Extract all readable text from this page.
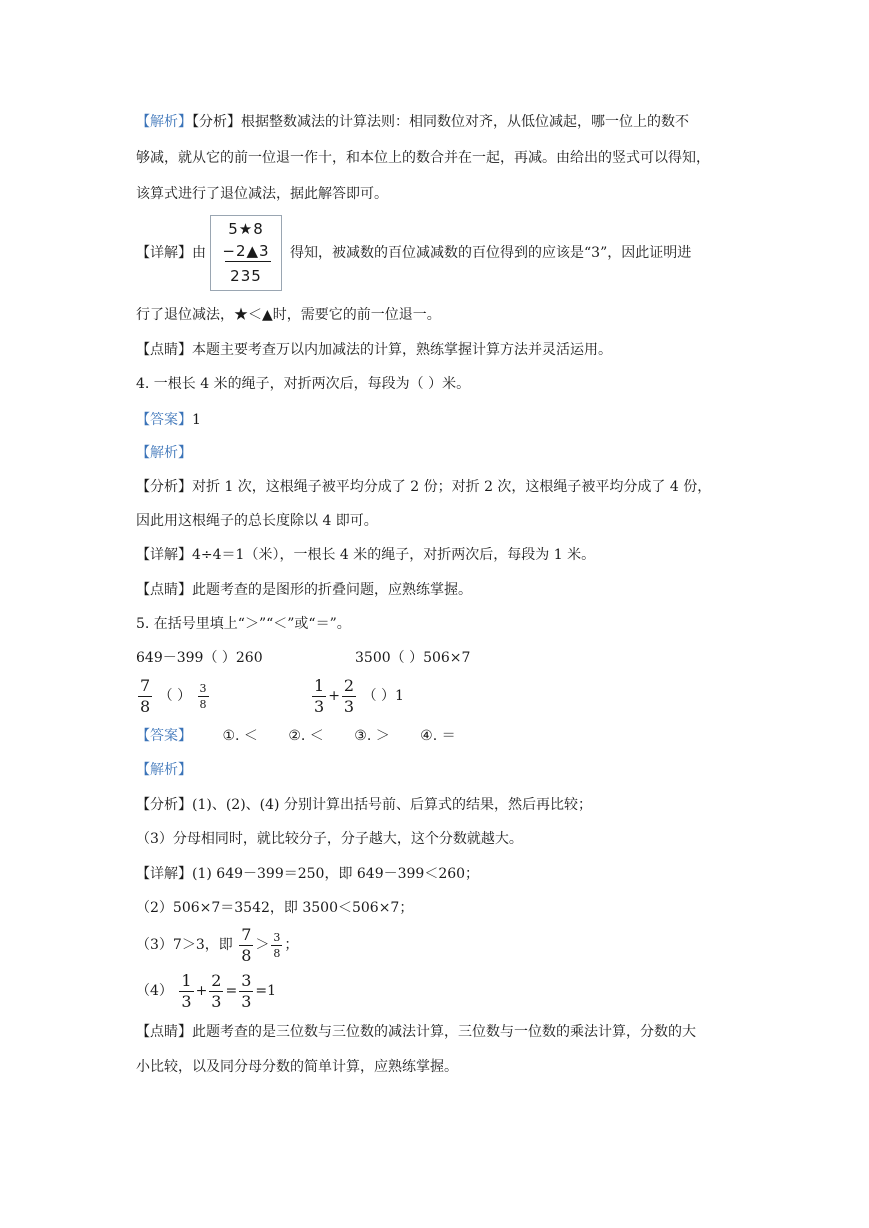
【解析】【分析】根据整数减法的计算法则：相同数位对齐，从低位减起，哪一位上的数不
够减，就从它的前一位退一作十，和本位上的数合并在一起，再减。由给出的竖式可以得知，
该算式进行了退位减法，据此解答即可。
【详解】由
5★8
−2▲3
235
得知，被减数的百位减减数的百位得到的应该是“3”，因此证明进
行了退位减法，★＜▲时，需要它的前一位退一。
【点睛】本题主要考查万以内加减法的计算，熟练掌握计算方法并灵活运用。
4. 一根长 4 米的绳子，对折两次后，每段为（ ）米。
【答案】1
【解析】
【分析】对折 1 次，这根绳子被平均分成了 2 份；对折 2 次，这根绳子被平均分成了 4 份，
因此用这根绳子的总长度除以 4 即可。
【详解】4÷4＝1（米），一根长 4 米的绳子，对折两次后，每段为 1 米。
【点睛】此题考查的是图形的折叠问题，应熟练掌握。
5. 在括号里填上“＞”“＜”或“＝”。
649－399（ ）260	3500（ ）506×7
$\frac{7}{8}$ （ ） $\frac{3}{8}$	$\frac{1}{3} + \frac{2}{3}$ （ ）1
【答案】 ①. ＜ ②. ＜ ③. ＞ ④. ＝
【解析】
【分析】(1)、(2)、(4) 分别计算出括号前、后算式的结果，然后再比较；
（3）分母相同时，就比较分子，分子越大，这个分数就越大。
【详解】(1) 649－399＝250，即 649－399＜260；
（2）506×7＝3542，即 3500＜506×7；
（3）7＞3，即 $\frac{7}{8} > \frac{3}{8}$ ；
$(4) \frac{1}{3} + \frac{2}{3} = \frac{3}{3} =1$
【点睛】此题考查的是三位数与三位数的减法计算，三位数与一位数的乘法计算，分数的大
小比较，以及同分母分数的简单计算，应熟练掌握。
